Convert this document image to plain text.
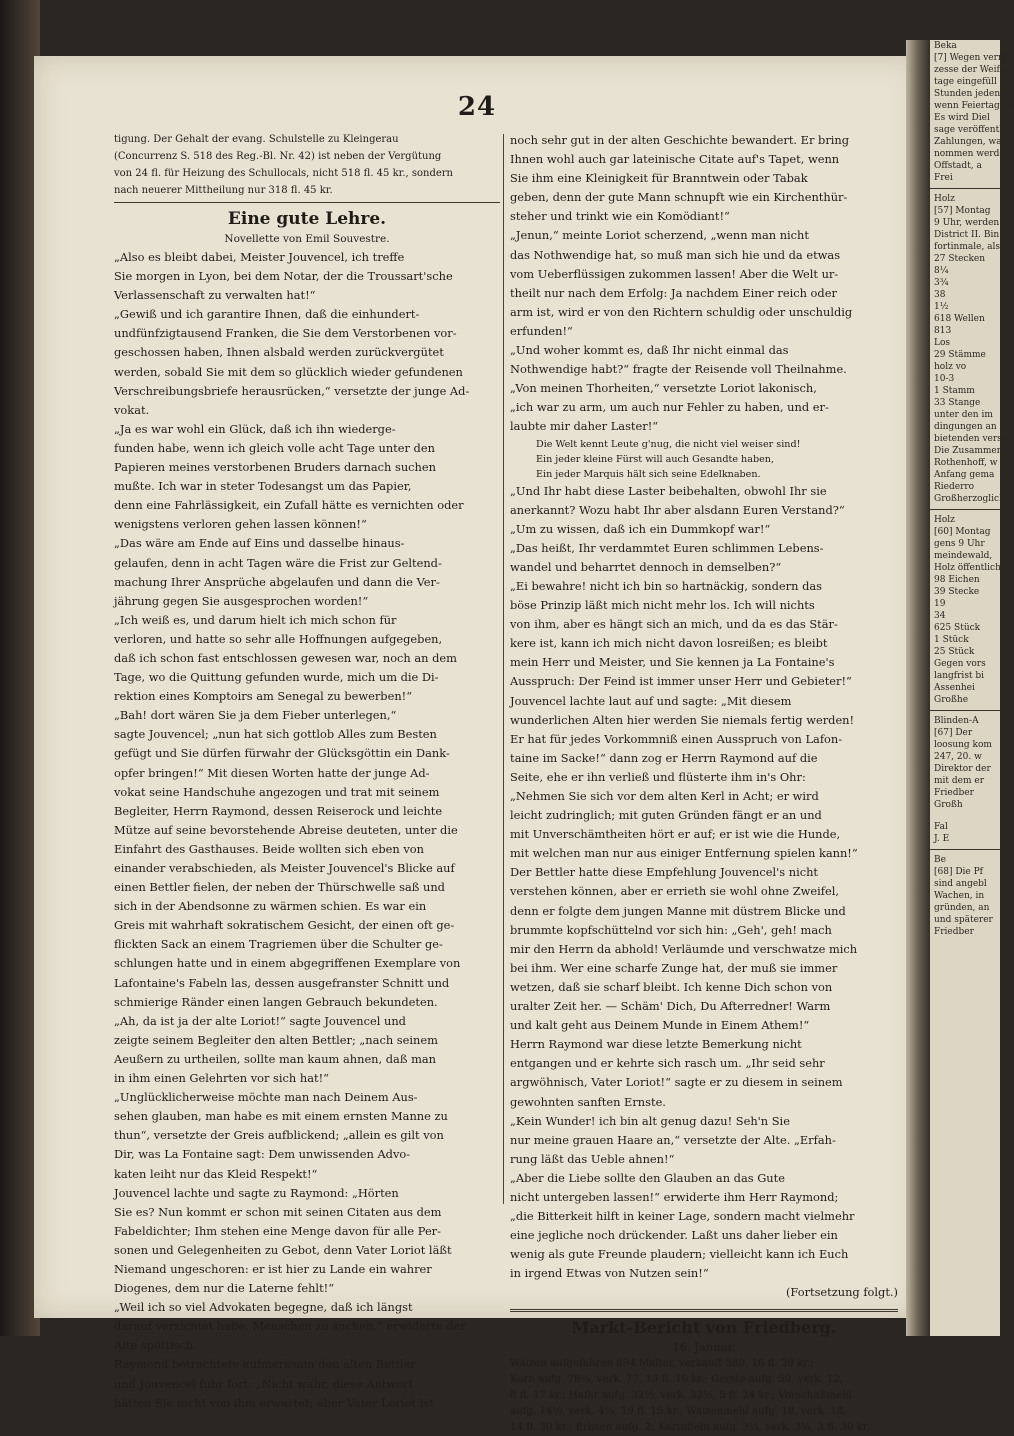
24
tigung. Der Gehalt der evang. Schulstelle zu Kleingerau
(Concurrenz S. 518 des Reg.-Bl. Nr. 42) ist neben der Vergütung
von 24 fl. für Heizung des Schullocals, nicht 518 fl. 45 kr., sondern
nach neuerer Mittheilung nur 318 fl. 45 kr.
Eine gute Lehre.
Novellette von Emil Souvestre.
„Also es bleibt dabei, Meister Jouvencel, ich treffe
Sie morgen in Lyon, bei dem Notar, der die Troussart'sche
Verlassenschaft zu verwalten hat!“
„Gewiß und ich garantire Ihnen, daß die einhundert-
undfünfzigtausend Franken, die Sie dem Verstorbenen vor-
geschossen haben, Ihnen alsbald werden zurückvergütet
werden, sobald Sie mit dem so glücklich wieder gefundenen
Verschreibungsbriefe herausrücken,“ versetzte der junge Ad-
vokat.
„Ja es war wohl ein Glück, daß ich ihn wiederge-
funden habe, wenn ich gleich volle acht Tage unter den
Papieren meines verstorbenen Bruders darnach suchen
mußte. Ich war in steter Todesangst um das Papier,
denn eine Fahrlässigkeit, ein Zufall hätte es vernichten oder
wenigstens verloren gehen lassen können!“
„Das wäre am Ende auf Eins und dasselbe hinaus-
gelaufen, denn in acht Tagen wäre die Frist zur Geltend-
machung Ihrer Ansprüche abgelaufen und dann die Ver-
jährung gegen Sie ausgesprochen worden!“
„Ich weiß es, und darum hielt ich mich schon für
verloren, und hatte so sehr alle Hoffnungen aufgegeben,
daß ich schon fast entschlossen gewesen war, noch an dem
Tage, wo die Quittung gefunden wurde, mich um die Di-
rektion eines Komptoirs am Senegal zu bewerben!“
„Bah! dort wären Sie ja dem Fieber unterlegen,“
sagte Jouvencel; „nun hat sich gottlob Alles zum Besten
gefügt und Sie dürfen fürwahr der Glücksgöttin ein Dank-
opfer bringen!“ Mit diesen Worten hatte der junge Ad-
vokat seine Handschuhe angezogen und trat mit seinem
Begleiter, Herrn Raymond, dessen Reiserock und leichte
Mütze auf seine bevorstehende Abreise deuteten, unter die
Einfahrt des Gasthauses. Beide wollten sich eben von
einander verabschieden, als Meister Jouvencel's Blicke auf
einen Bettler fielen, der neben der Thürschwelle saß und
sich in der Abendsonne zu wärmen schien. Es war ein
Greis mit wahrhaft sokratischem Gesicht, der einen oft ge-
flickten Sack an einem Tragriemen über die Schulter ge-
schlungen hatte und in einem abgegriffenen Exemplare von
Lafontaine's Fabeln las, dessen ausgefranster Schnitt und
schmierige Ränder einen langen Gebrauch bekundeten.
„Ah, da ist ja der alte Loriot!“ sagte Jouvencel und
zeigte seinem Begleiter den alten Bettler; „nach seinem
Aeußern zu urtheilen, sollte man kaum ahnen, daß man
in ihm einen Gelehrten vor sich hat!“
„Unglücklicherweise möchte man nach Deinem Aus-
sehen glauben, man habe es mit einem ernsten Manne zu
thun“, versetzte der Greis aufblickend; „allein es gilt von
Dir, was La Fontaine sagt: Dem unwissenden Advo-
katen leiht nur das Kleid Respekt!“
Jouvencel lachte und sagte zu Raymond: „Hörten
Sie es? Nun kommt er schon mit seinen Citaten aus dem
Fabeldichter; Ihm stehen eine Menge davon für alle Per-
sonen und Gelegenheiten zu Gebot, denn Vater Loriot läßt
Niemand ungeschoren: er ist hier zu Lande ein wahrer
Diogenes, dem nur die Laterne fehlt!“
„Weil ich so viel Advokaten begegne, daß ich längst
darauf verzichtet habe, Menschen zu suchen,“ erwiderte der
Alte spöttisch.
Raymond betrachtete aufmerksam den alten Bettler
und Jouvencel fuhr fort: „Nicht wahr, diese Antwort
hätten Sie nicht von ihm erwartet; aber Vater Loriot ist
noch sehr gut in der alten Geschichte bewandert. Er bring
Ihnen wohl auch gar lateinische Citate auf's Tapet, wenn
Sie ihm eine Kleinigkeit für Branntwein oder Tabak
geben, denn der gute Mann schnupft wie ein Kirchenthür-
steher und trinkt wie ein Komödiant!“
„Jenun,“ meinte Loriot scherzend, „wenn man nicht
das Nothwendige hat, so muß man sich hie und da etwas
vom Ueberflüssigen zukommen lassen! Aber die Welt ur-
theilt nur nach dem Erfolg: Ja nachdem Einer reich oder
arm ist, wird er von den Richtern schuldig oder unschuldig
erfunden!“
„Und woher kommt es, daß Ihr nicht einmal das
Nothwendige habt?“ fragte der Reisende voll Theilnahme.
„Von meinen Thorheiten,“ versetzte Loriot lakonisch,
„ich war zu arm, um auch nur Fehler zu haben, und er-
laubte mir daher Laster!“
Die Welt kennt Leute g'nug, die nicht viel weiser sind!
Ein jeder kleine Fürst will auch Gesandte haben,
Ein jeder Marquis hält sich seine Edelknaben.
„Und Ihr habt diese Laster beibehalten, obwohl Ihr sie
anerkannt? Wozu habt Ihr aber alsdann Euren Verstand?“
„Um zu wissen, daß ich ein Dummkopf war!“
„Das heißt, Ihr verdammtet Euren schlimmen Lebens-
wandel und beharrtet dennoch in demselben?“
„Ei bewahre! nicht ich bin so hartnäckig, sondern das
böse Prinzip läßt mich nicht mehr los. Ich will nichts
von ihm, aber es hängt sich an mich, und da es das Stär-
kere ist, kann ich mich nicht davon losreißen; es bleibt
mein Herr und Meister, und Sie kennen ja La Fontaine's
Ausspruch: Der Feind ist immer unser Herr und Gebieter!“
Jouvencel lachte laut auf und sagte: „Mit diesem
wunderlichen Alten hier werden Sie niemals fertig werden!
Er hat für jedes Vorkommniß einen Ausspruch von Lafon-
taine im Sacke!“ dann zog er Herrn Raymond auf die
Seite, ehe er ihn verließ und flüsterte ihm in's Ohr:
„Nehmen Sie sich vor dem alten Kerl in Acht; er wird
leicht zudringlich; mit guten Gründen fängt er an und
mit Unverschämtheiten hört er auf; er ist wie die Hunde,
mit welchen man nur aus einiger Entfernung spielen kann!“
Der Bettler hatte diese Empfehlung Jouvencel's nicht
verstehen können, aber er errieth sie wohl ohne Zweifel,
denn er folgte dem jungen Manne mit düstrem Blicke und
brummte kopfschüttelnd vor sich hin: „Geh', geh! mach
mir den Herrn da abhold! Verläumde und verschwatze mich
bei ihm. Wer eine scharfe Zunge hat, der muß sie immer
wetzen, daß sie scharf bleibt. Ich kenne Dich schon von
uralter Zeit her. — Schäm' Dich, Du Afterredner! Warm
und kalt geht aus Deinem Munde in Einem Athem!“
Herrn Raymond war diese letzte Bemerkung nicht
entgangen und er kehrte sich rasch um. „Ihr seid sehr
argwöhnisch, Vater Loriot!“ sagte er zu diesem in seinem
gewohnten sanften Ernste.
„Kein Wunder! ich bin alt genug dazu! Seh'n Sie
nur meine grauen Haare an,“ versetzte der Alte. „Erfah-
rung läßt das Ueble ahnen!“
„Aber die Liebe sollte den Glauben an das Gute
nicht untergeben lassen!“ erwiderte ihm Herr Raymond;
„die Bitterkeit hilft in keiner Lage, sondern macht vielmehr
eine jegliche noch drückender. Laßt uns daher lieber ein
wenig als gute Freunde plaudern; vielleicht kann ich Euch
in irgend Etwas von Nutzen sein!“
(Fortsetzung folgt.)
Markt-Bericht von Friedberg.
16. Januar.
Waizen aufgefahren 694 Malter, verkauft 589, 16 fl. 39 kr.;
Korn aufg. 78½, verk. 77, 13 fl. 16 kr.; Gerste aufg. 50, verk. 12,
8 fl. 17 kr.; Hafer aufg. 32½, verk. 32½, 5 fl. 24 kr.; Vorschußmehl
aufg. 14½, verk. 4½, 19 fl. 15 kr.; Waizenmehl aufg. 18, verk. 18,
14 fl. 30 kr.; Erbsen aufg. 2; Kartoffeln aufg. 3¼, verk. 3¼, 3 fl. 30 kr.
Beka
[7] Wegen verm
zesse der Weifel
tage eingefüll
Stunden jeden T
wenn Feiertag fäl
Es wird Diel
sage veröffentl
Zahlungen, wa
nommen werde
Offstadt, a
Frei
Holz
[57] Montag
9 Uhr, werden
District II. Bin
fortinmale, als :
27 Stecken
8¼
3¾
38
1½
618 Wellen
813
Los
29 Stämme
holz vo
10-3
1 Stamm
33 Stange
unter den im
dingungen an
bietenden verste
Die Zusammenk
Rothenhoff, w
Anfang gema
Riederro
Großherzoglich
Holz
[60] Montag
gens 9 Uhr
meindewald,
Holz öffentlich
98 Eichen
39 Stecke
19
34
625 Stück
1 Stück
25 Stück
Gegen vors
langfrist bi
Assenhei
Großhe
Blinden-A
[67] Der
loosung kom
247, 20. w
Direktor der
mit dem er
Friedber
Großh
Fal
J. E
Be
[68] Die Pf
sind angebl
Wachen, in
gründen, an
und späterer
Friedber
